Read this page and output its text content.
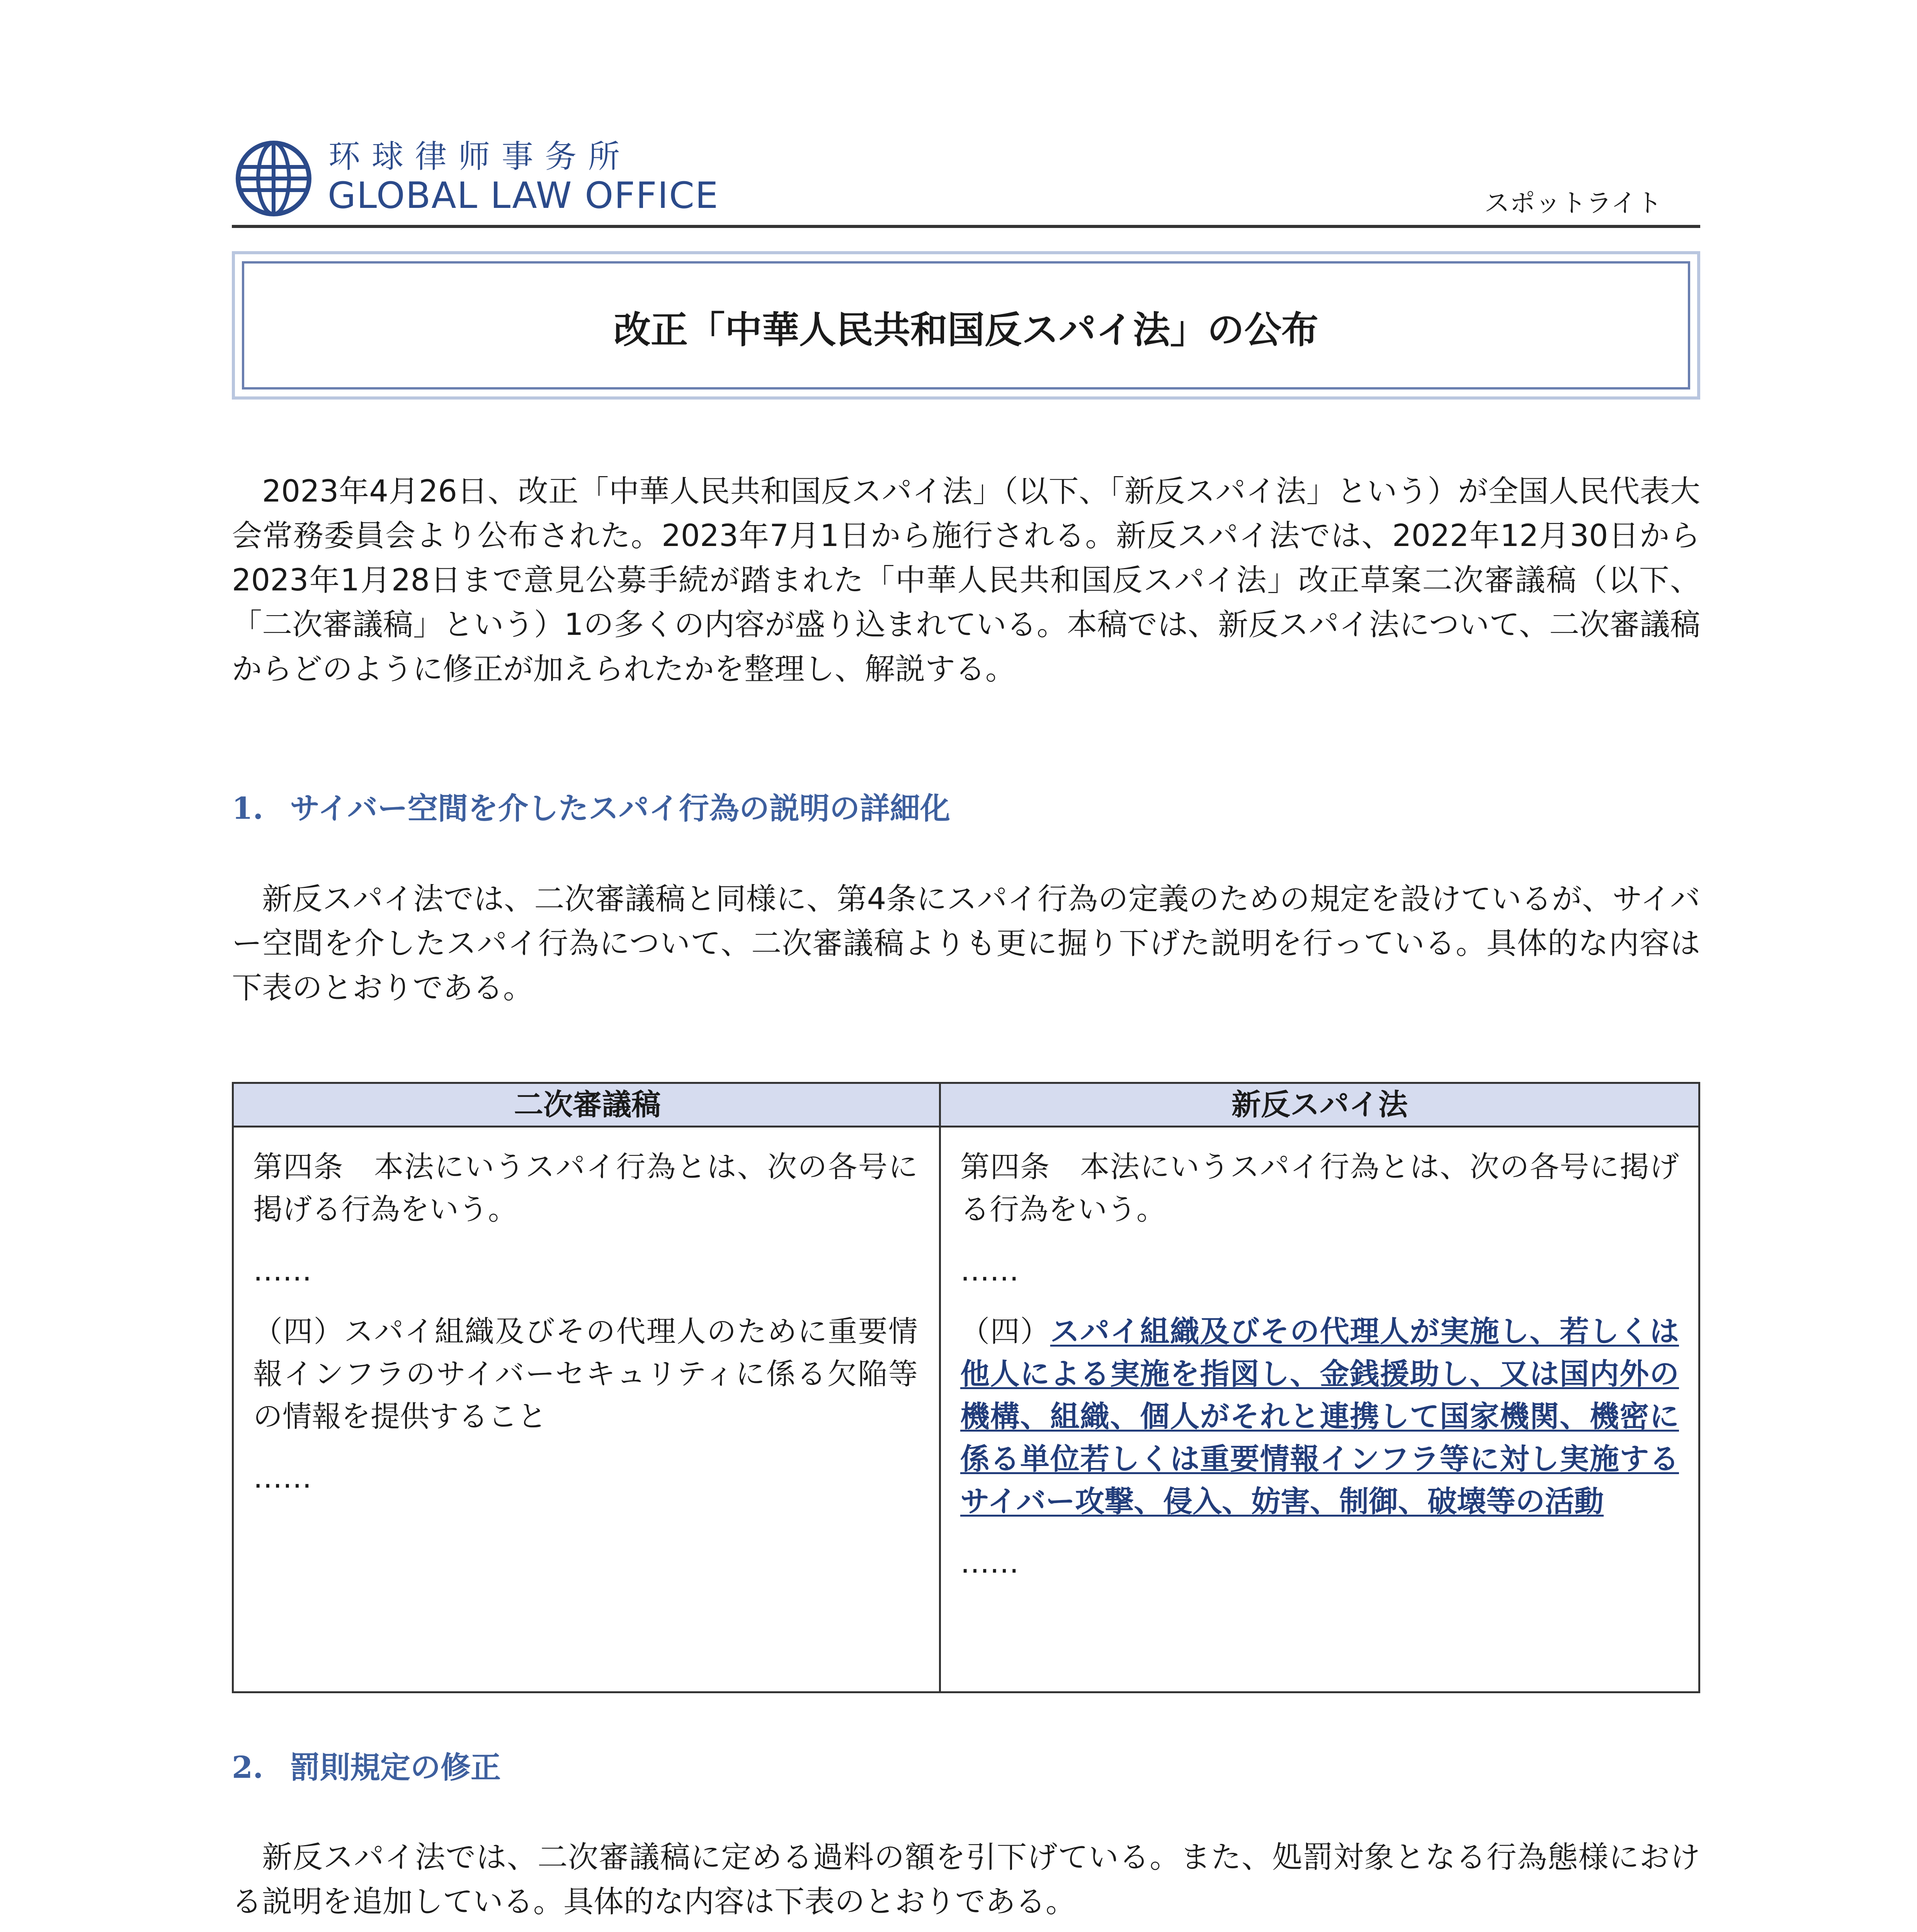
环球律师事务所
GLOBAL LAW OFFICE	スポットライト
改正「中華人民共和国反スパイ法」の公布
2023年4月26日、改正「中華人民共和国反スパイ法」（以下、「新反スパイ法」という）が全国人民代表大会常務委員会より公布された。2023年7月1日から施行される。新反スパイ法では、2022年12月30日から2023年1月28日まで意見公募手続が踏まれた「中華人民共和国反スパイ法」改正草案二次審議稿（以下、「二次審議稿」という）1の多くの内容が盛り込まれている。本稿では、新反スパイ法について、二次審議稿からどのように修正が加えられたかを整理し、解説する。
1. サイバー空間を介したスパイ行為の説明の詳細化
新反スパイ法では、二次審議稿と同様に、第4条にスパイ行為の定義のための規定を設けているが、サイバー空間を介したスパイ行為について、二次審議稿よりも更に掘り下げた説明を行っている。具体的な内容は下表のとおりである。
二次審議稿	新反スパイ法

第四条　本法にいうスパイ行為とは、次の各号に掲げる行為をいう。

……

（四）スパイ組織及びその代理人のために重要情報インフラのサイバーセキュリティに係る欠陥等の情報を提供すること

……

第四条　本法にいうスパイ行為とは、次の各号に掲げる行為をいう。

……

（四）スパイ組織及びその代理人が実施し、若しくは他人による実施を指図し、金銭援助し、又は国内外の機構、組織、個人がそれと連携して国家機関、機密に係る単位若しくは重要情報インフラ等に対し実施するサイバー攻撃、侵入、妨害、制御、破壊等の活動

……

2. 罰則規定の修正
新反スパイ法では、二次審議稿に定める過料の額を引下げている。また、処罰対象となる行為態様における説明を追加している。具体的な内容は下表のとおりである。
